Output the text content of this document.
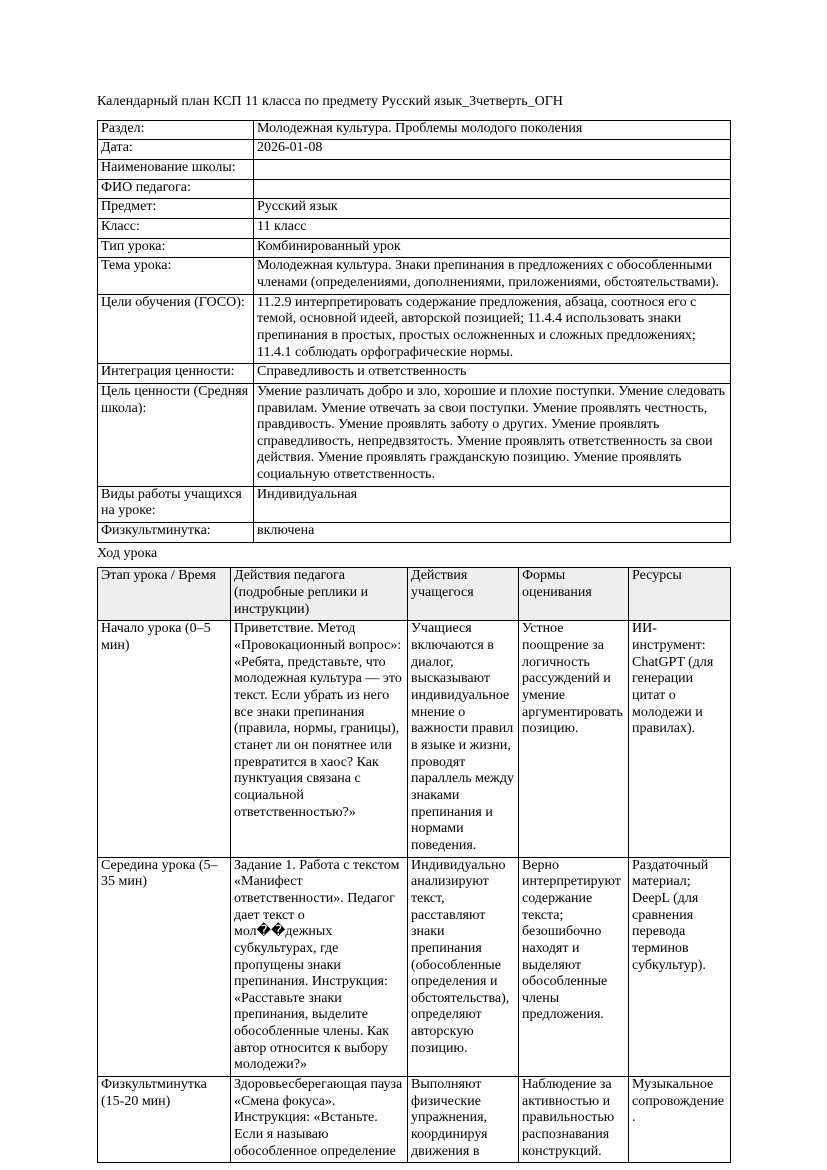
Календарный план КСП 11 класса по предмету Русский язык_3четверть_ОГН

Раздел:	Молодежная культура. Проблемы молодого поколения
Дата:	2026-01-08
Наименование школы:	
ФИО педагога:	
Предмет:	Русский язык
Класс:	11 класс
Тип урока:	Комбинированный урок
Тема урока:	Молодежная культура. Знаки препинания в предложениях с обособленными членами (определениями, дополнениями, приложениями, обстоятельствами).
Цели обучения (ГОСО):	11.2.9 интерпретировать содержание предложения, абзаца, соотнося его с темой, основной идеей, авторской позицией; 11.4.4 использовать знаки препинания в простых, простых осложненных и сложных предложениях; 11.4.1 соблюдать орфографические нормы.
Интеграция ценности:	Справедливость и ответственность
Цель ценности (Средняя школа):	Умение различать добро и зло, хорошие и плохие поступки. Умение следовать правилам. Умение отвечать за свои поступки. Умение проявлять честность, правдивость. Умение проявлять заботу о других. Умение проявлять справедливость, непредвзятость. Умение проявлять ответственность за свои действия. Умение проявлять гражданскую позицию. Умение проявлять социальную ответственность.
Виды работы учащихся на уроке:	Индивидуальная
Физкультминутка:	включена

Ход урока

Этап урока / Время	Действия педагога (подробные реплики и инструкции)	Действия учащегося	Формы оценивания	Ресурсы
Начало урока (0–5 мин)	Приветствие. Метод «Провокационный вопрос»: «Ребята, представьте, что молодежная культура — это текст. Если убрать из него все знаки препинания (правила, нормы, границы), станет ли он понятнее или превратится в хаос? Как пунктуация связана с социальной ответственностью?»	Учащиеся включаются в диалог, высказывают индивидуальное мнение о важности правил в языке и жизни, проводят параллель между знаками препинания и нормами поведения.	Устное поощрение за логичность рассуждений и умение аргументировать позицию.	ИИ-инструмент: ChatGPT (для генерации цитат о молодежи и правилах).
Середина урока (5–35 мин)	Задание 1. Работа с текстом «Манифест ответственности». Педагог дает текст о мол��дежных субкультурах, где пропущены знаки препинания. Инструкция: «Расставьте знаки препинания, выделите обособленные члены. Как автор относится к выбору молодежи?»	Индивидуально анализируют текст, расставляют знаки препинания (обособленные определения и обстоятельства), определяют авторскую позицию.	Верно интерпретируют содержание текста; безошибочно находят и выделяют обособленные члены предложения.	Раздаточный материал; DeepL (для сравнения перевода терминов субкультур).
Физкультминутка (15-20 мин)	Здоровьесберегающая пауза «Смена фокуса». Инструкция: «Встаньте. Если я называю обособленное определение	Выполняют физические упражнения, координируя движения в	Наблюдение за активностью и правильностью распознавания конструкций.	Музыкальное сопровождение.
